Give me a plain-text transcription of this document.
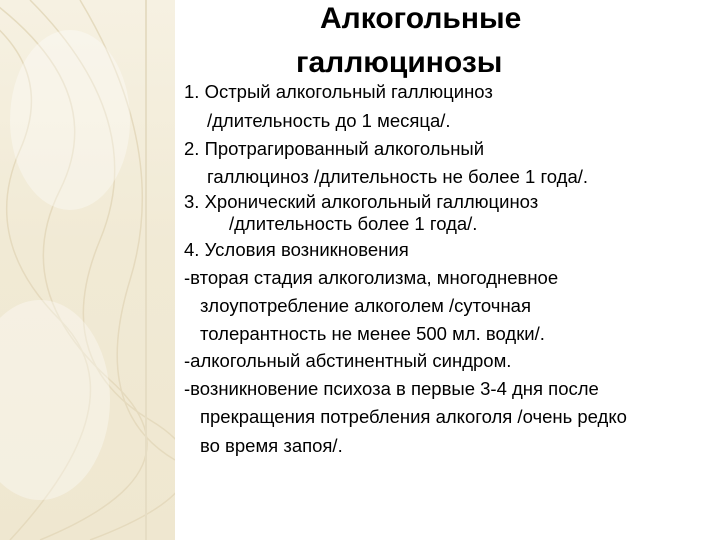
Алкогольные
галлюцинозы
1. Острый алкогольный галлюциноз
/длительность до 1 месяца/.
2. Протрагированный алкогольный
галлюциноз /длительность не более 1 года/.
3. Хронический алкогольный галлюциноз
/длительность более 1 года/.
4. Условия возникновения
-вторая стадия алкоголизма, многодневное
злоупотребление алкоголем /суточная
толерантность не менее 500 мл. водки/.
-алкогольный абстинентный синдром.
-возникновение психоза в первые 3-4 дня после
прекращения потребления алкоголя /очень редко
во время запоя/.
